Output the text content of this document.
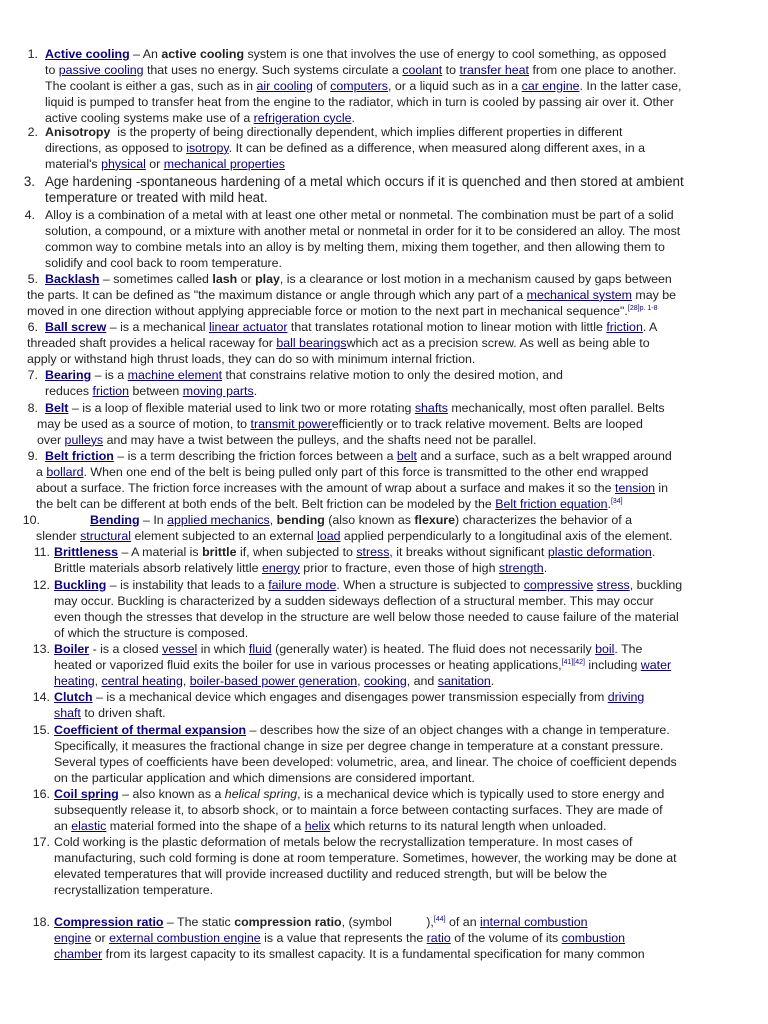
1. Active cooling – An active cooling system is one that involves the use of energy to cool something, as opposed
to passive cooling that uses no energy. Such systems circulate a coolant to transfer heat from one place to another.
The coolant is either a gas, such as in air cooling of computers, or a liquid such as in a car engine. In the latter case,
liquid is pumped to transfer heat from the engine to the radiator, which in turn is cooled by passing air over it. Other
active cooling systems make use of a refrigeration cycle.
2. Anisotropy  is the property of being directionally dependent, which implies different properties in different
directions, as opposed to isotropy. It can be defined as a difference, when measured along different axes, in a
material's physical or mechanical properties
3. Age hardening -spontaneous hardening of a metal which occurs if it is quenched and then stored at ambient
temperature or treated with mild heat.
4. Alloy is a combination of a metal with at least one other metal or nonmetal. The combination must be part of a solid
solution, a compound, or a mixture with another metal or nonmetal in order for it to be considered an alloy. The most
common way to combine metals into an alloy is by melting them, mixing them together, and then allowing them to
solidify and cool back to room temperature.
5. Backlash – sometimes called lash or play, is a clearance or lost motion in a mechanism caused by gaps between
the parts. It can be defined as "the maximum distance or angle through which any part of a mechanical system may be
moved in one direction without applying appreciable force or motion to the next part in mechanical sequence".$^{[28]p. 1-8}$
6. Ball screw – is a mechanical linear actuator that translates rotational motion to linear motion with little friction. A
threaded shaft provides a helical raceway for ball bearingswhich act as a precision screw. As well as being able to
apply or withstand high thrust loads, they can do so with minimum internal friction.
7. Bearing – is a machine element that constrains relative motion to only the desired motion, and
reduces friction between moving parts.
8. Belt – is a loop of flexible material used to link two or more rotating shafts mechanically, most often parallel. Belts
may be used as a source of motion, to transmit powerefficiently or to track relative movement. Belts are looped
over pulleys and may have a twist between the pulleys, and the shafts need not be parallel.
9. Belt friction – is a term describing the friction forces between a belt and a surface, such as a belt wrapped around
a bollard. When one end of the belt is being pulled only part of this force is transmitted to the other end wrapped
about a surface. The friction force increases with the amount of wrap about a surface and makes it so the tension in
the belt can be different at both ends of the belt. Belt friction can be modeled by the Belt friction equation.[34]
10.	Bending – In applied mechanics, bending (also known as flexure) characterizes the behavior of a
slender structural element subjected to an external load applied perpendicularly to a longitudinal axis of the element.
11. Brittleness – A material is brittle if, when subjected to stress, it breaks without significant plastic deformation.
Brittle materials absorb relatively little energy prior to fracture, even those of high strength.
12. Buckling – is instability that leads to a failure mode. When a structure is subjected to compressive stress, buckling
may occur. Buckling is characterized by a sudden sideways deflection of a structural member. This may occur
even though the stresses that develop in the structure are well below those needed to cause failure of the material
of which the structure is composed.
13. Boiler - is a closed vessel in which fluid (generally water) is heated. The fluid does not necessarily boil. The
heated or vaporized fluid exits the boiler for use in various processes or heating applications,[41][42] including water
heating, central heating, boiler-based power generation, cooking, and sanitation.
14. Clutch – is a mechanical device which engages and disengages power transmission especially from driving
shaft to driven shaft.
15. Coefficient of thermal expansion – describes how the size of an object changes with a change in temperature.
Specifically, it measures the fractional change in size per degree change in temperature at a constant pressure.
Several types of coefficients have been developed: volumetric, area, and linear. The choice of coefficient depends
on the particular application and which dimensions are considered important.
16. Coil spring – also known as a helical spring, is a mechanical device which is typically used to store energy and
subsequently release it, to absorb shock, or to maintain a force between contacting surfaces. They are made of
an elastic material formed into the shape of a helix which returns to its natural length when unloaded.
17. Cold working is the plastic deformation of metals below the recrystallization temperature. In most cases of
manufacturing, such cold forming is done at room temperature. Sometimes, however, the working may be done at
elevated temperatures that will provide increased ductility and reduced strength, but will be below the
recrystallization temperature.
18. Compression ratio – The static compression ratio, (symbol          ),[44] of an internal combustion
engine or external combustion engine is a value that represents the ratio of the volume of its combustion
chamber from its largest capacity to its smallest capacity. It is a fundamental specification for many common
